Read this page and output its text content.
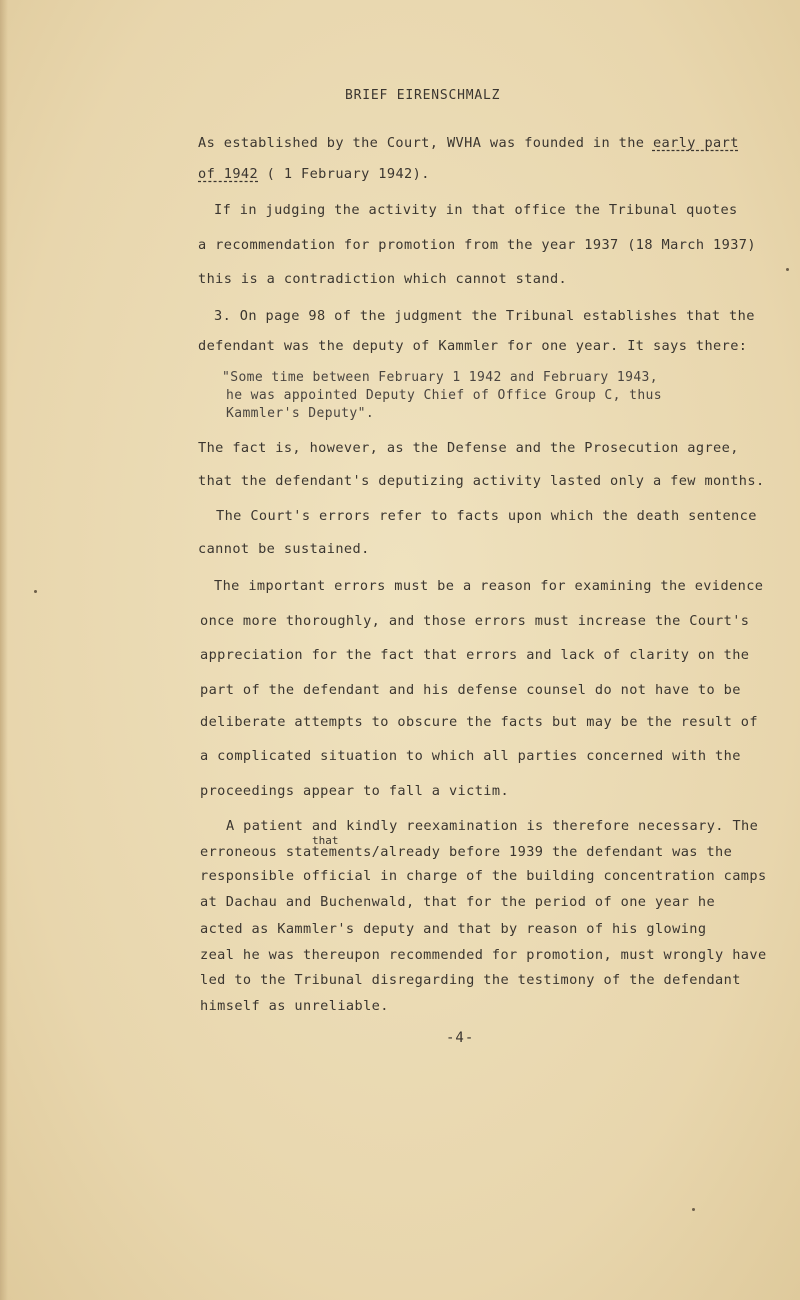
BRIEF EIRENSCHMALZ
As established by the Court, WVHA was founded in the early part
of 1942 ( 1 February 1942).
If in judging the activity in that office the Tribunal quotes
a recommendation for promotion from the year 1937 (18 March 1937)
this is a contradiction which cannot stand.
3. On page 98 of the judgment the Tribunal establishes that the
defendant was the deputy of Kammler for one year. It says there:
"Some time between February 1 1942 and February 1943,
he was appointed Deputy Chief of Office Group C, thus
Kammler's Deputy".
The fact is, however, as the Defense and the Prosecution agree,
that the defendant's deputizing activity lasted only a few months.
The Court's errors refer to facts upon which the death sentence
cannot be sustained.
The important errors must be a reason for examining the evidence
once more thoroughly, and those errors must increase the Court's
appreciation for the fact that errors and lack of clarity on the
part of the defendant and his defense counsel do not have to be
deliberate attempts to obscure the facts but may be the result of
a complicated situation to which all parties concerned with the
proceedings appear to fall a victim.
A patient and kindly reexamination is therefore necessary. The
that
erroneous statements/already before 1939 the defendant was the
responsible official in charge of the building concentration camps
at Dachau and Buchenwald, that for the period of one year he
acted as Kammler's deputy and that by reason of his glowing
zeal he was thereupon recommended for promotion, must wrongly have
led to the Tribunal disregarding the testimony of the defendant
himself as unreliable.
-4-
